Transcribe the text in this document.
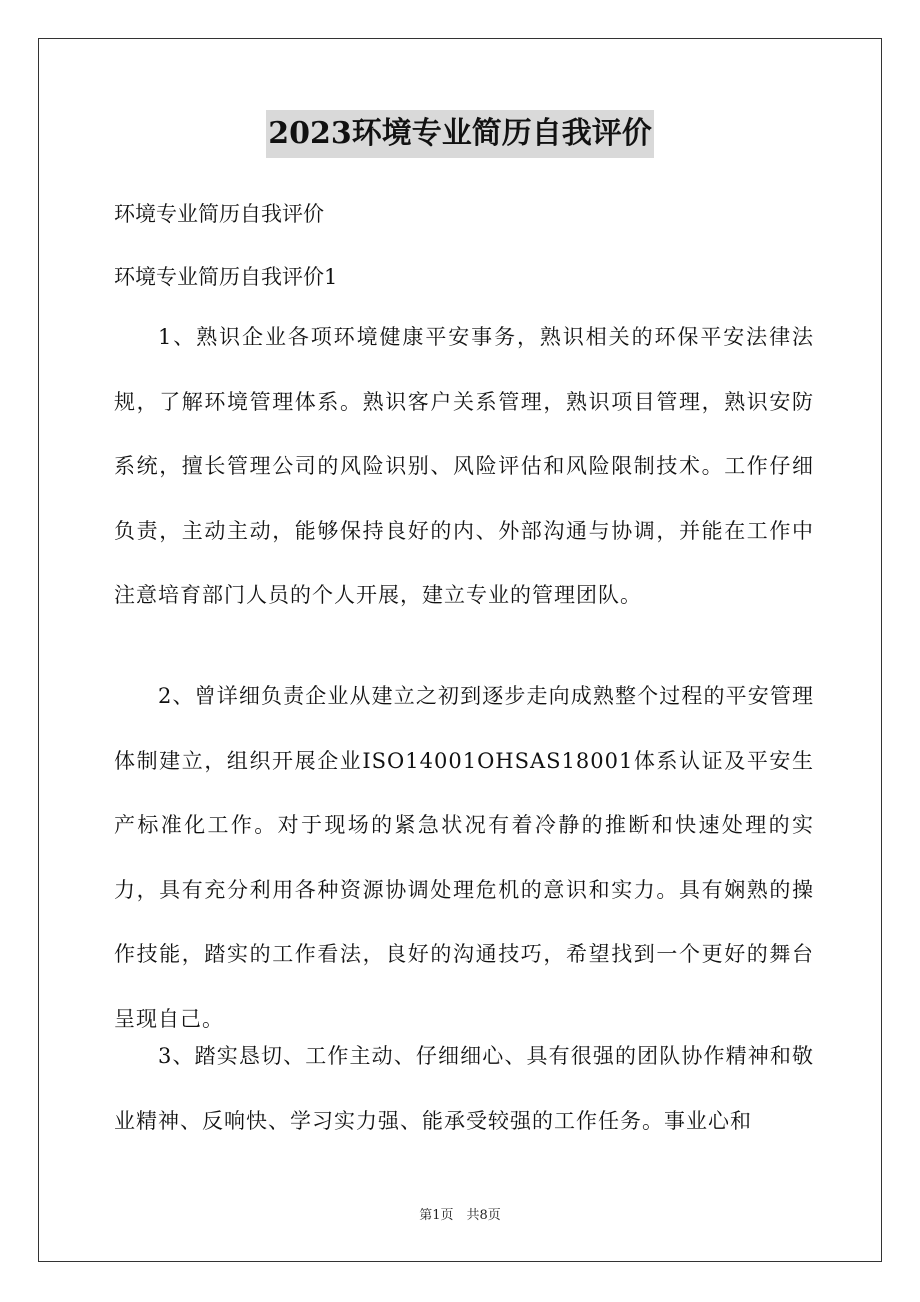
2023环境专业简历自我评价
环境专业简历自我评价
环境专业简历自我评价1

1、熟识企业各项环境健康平安事务，熟识相关的环保平安法律法规，了解环境管理体系。熟识客户关系管理，熟识项目管理，熟识安防系统，擅长管理公司的风险识别、风险评估和风险限制技术。工作仔细负责，主动主动，能够保持良好的内、外部沟通与协调，并能在工作中注意培育部门人员的个人开展，建立专业的管理团队。

2、曾详细负责企业从建立之初到逐步走向成熟整个过程的平安管理体制建立，组织开展企业ISO14001OHSAS18001体系认证及平安生产标准化工作。对于现场的紧急状况有着冷静的推断和快速处理的实力，具有充分利用各种资源协调处理危机的意识和实力。具有娴熟的操作技能，踏实的工作看法，良好的沟通技巧，希望找到一个更好的舞台呈现自己。

3、踏实恳切、工作主动、仔细细心、具有很强的团队协作精神和敬业精神、反响快、学习实力强、能承受较强的工作任务。事业心和

第1页　共8页
